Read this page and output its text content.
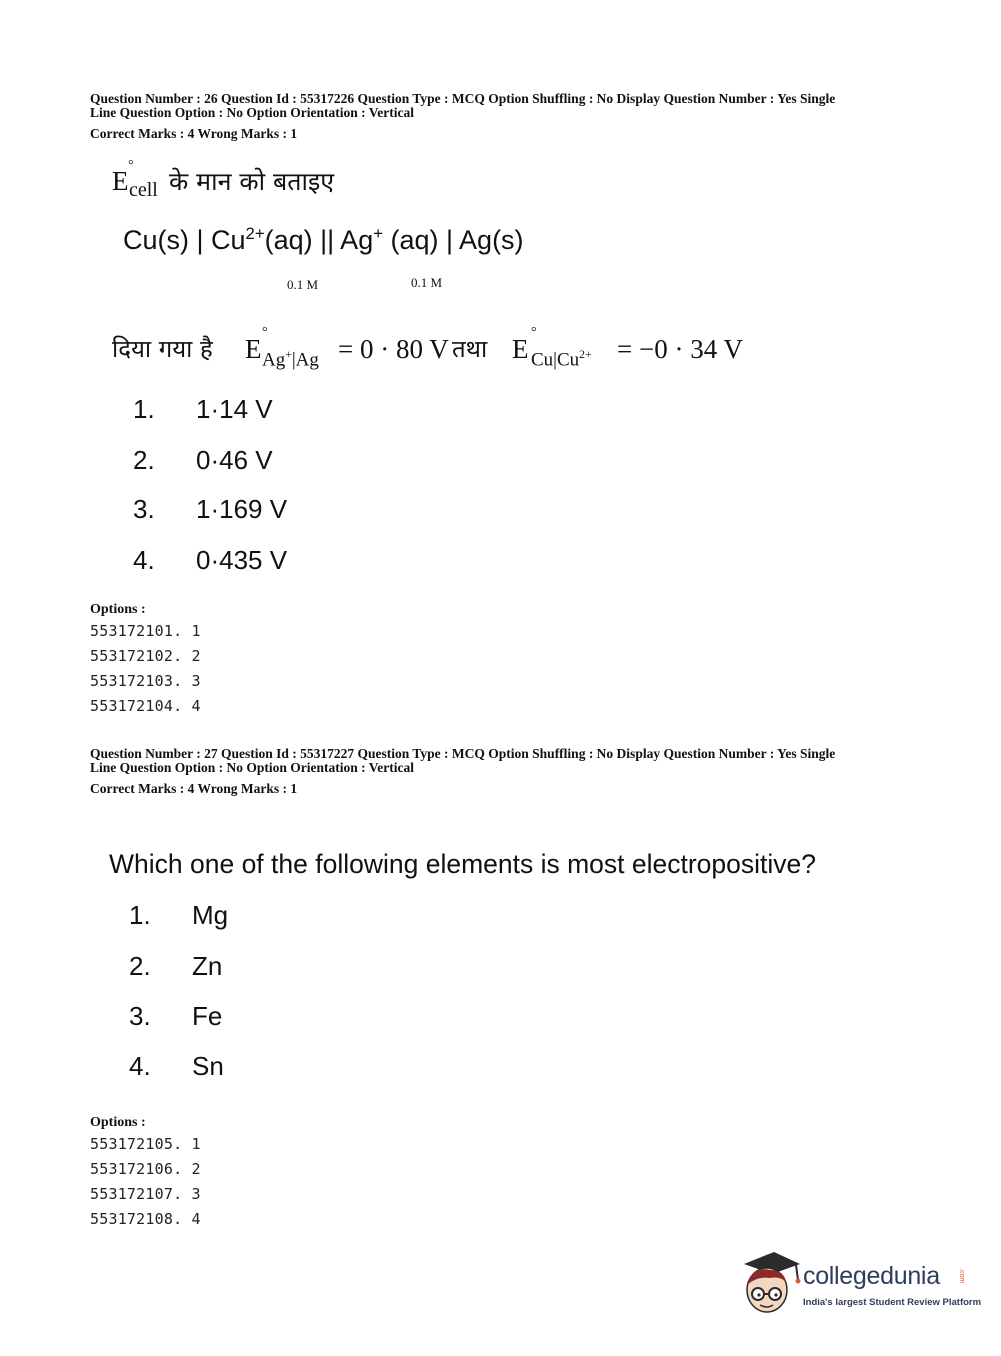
Question Number : 26 Question Id : 55317226 Question Type : MCQ Option Shuffling : No Display Question Number : Yes Single
Line Question Option : No Option Orientation : Vertical
Correct Marks : 4 Wrong Marks : 1
E
°
cell के मान को बताइए
Cu(s) | $Cu^{2+}(aq)$ || Ag+ (aq) | Ag(s)
0.1 M	0.1 M
दिया गया है E
°
Ag+|Ag = 0 · 80 V तथा E
°
$Cu|Cu^{2+} = -0 \cdot 34$ V
1. 1·14 V
2. 0·46 V
3. 1·169 V
4. 0·435 V
Options :
553172101. 1
553172102. 2
553172103. 3
553172104. 4
Question Number : 27 Question Id : 55317227 Question Type : MCQ Option Shuffling : No Display Question Number : Yes Single
Line Question Option : No Option Orientation : Vertical
Correct Marks : 4 Wrong Marks : 1
Which one of the following elements is most electropositive?
1. Mg
2. Zn
3. Fe
4. Sn
Options :
553172105. 1
553172106. 2
553172107. 3
553172108. 4
collegedunia	.com
India's largest Student Review Platform
